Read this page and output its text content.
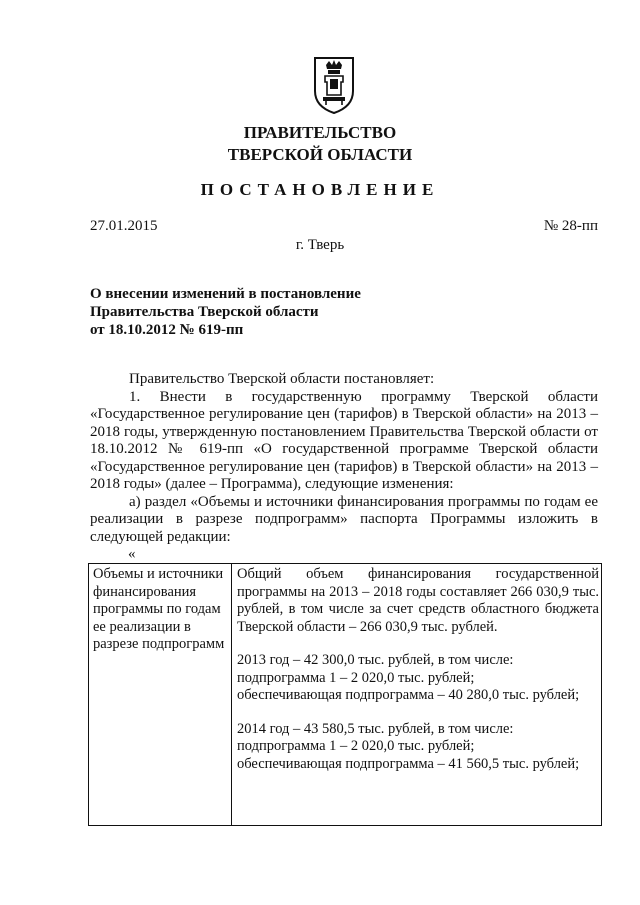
ПРАВИТЕЛЬСТВО
ТВЕРСКОЙ ОБЛАСТИ
ПОСТАНОВЛЕНИЕ
27.01.2015	№ 28-пп
г. Тверь
О внесении изменений в постановление
Правительства Тверской области
от 18.10.2012 № 619-пп

Правительство Тверской области постановляет:

1. Внести в государственную программу Тверской области «Государственное регулирование цен (тарифов) в Тверской области» на 2013 – 2018 годы, утвержденную постановлением Правительства Тверской области от 18.10.2012 № 619-пп «О государственной программе Тверской области «Государственное регулирование цен (тарифов) в Тверской области» на 2013 – 2018 годы» (далее – Программа), следующие изменения:

а) раздел «Объемы и источники финансирования программы по годам ее реализации в разрезе подпрограмм» паспорта Программы изложить в следующей редакции:

«
Объемы и источники финансирования программы по годам ее реализации в разрезе подпрограмм

Общий объем финансирования государственной программы на 2013 – 2018 годы составляет 266 030,9 тыс. рублей, в том числе за счет средств областного бюджета Тверской области – 266 030,9 тыс. рублей.

2013 год – 42 300,0 тыс. рублей, в том числе:
подпрограмма 1 – 2 020,0 тыс. рублей;
обеспечивающая подпрограмма – 40 280,0 тыс. рублей;
2014 год – 43 580,5 тыс. рублей, в том числе:
подпрограмма 1 – 2 020,0 тыс. рублей;
обеспечивающая подпрограмма – 41 560,5 тыс. рублей;
